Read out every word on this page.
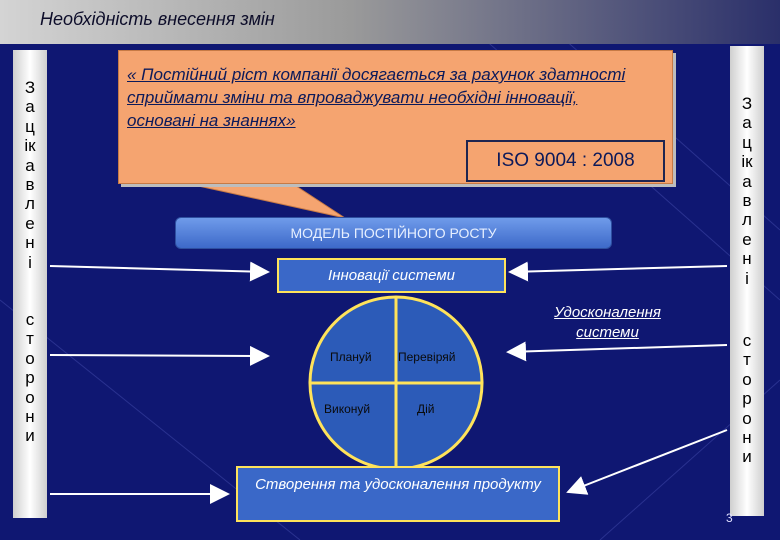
Необхідність внесення змін
З
а
ц
ік
а
в
л
е
н
і
с
т
о
р
о
н
и
З
а
ц
ік
а
в
л
е
н
і
с
т
о
р
о
н
и
« Постійний ріст компанії досягається за рахунок здатності сприймати зміни та впроваджувати необхідні інновації, основані на знаннях»
ISO 9004 : 2008
МОДЕЛЬ ПОСТІЙНОГО РОСТУ
Інновації системи
Удосконалення системи
Плануй Перевіряй
Виконуй	Дій
Створення та удосконалення продукту
3
